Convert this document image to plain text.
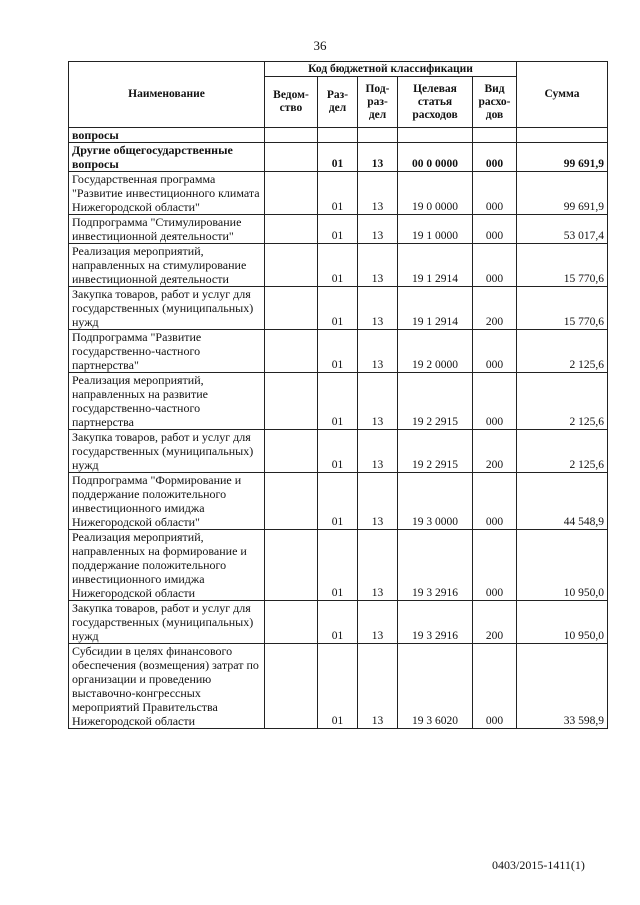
36
Наименование	Код бюджетной классификации					Сумма
	Ведом-ство	Раз-дел	Под-раз-дел	Целевая статья расходов	Вид расхо-дов	
вопросы						
Другие общегосударственные вопросы		01	13	00 0 0000	000	99 691,9
Государственная программа "Развитие инвестиционного климата Нижегородской области"		01	13	19 0 0000	000	99 691,9
Подпрограмма "Стимулирование инвестиционной деятельности"		01	13	19 1 0000	000	53 017,4
Реализация мероприятий, направленных на стимулирование инвестиционной деятельности		01	13	19 1 2914	000	15 770,6
Закупка товаров, работ и услуг для государственных (муниципальных) нужд		01	13	19 1 2914	200	15 770,6
Подпрограмма "Развитие государственно-частного партнерства"		01	13	19 2 0000	000	2 125,6
Реализация мероприятий, направленных на развитие государственно-частного партнерства		01	13	19 2 2915	000	2 125,6
Закупка товаров, работ и услуг для государственных (муниципальных) нужд		01	13	19 2 2915	200	2 125,6
Подпрограмма "Формирование и поддержание положительного инвестиционного имиджа Нижегородской области"		01	13	19 3 0000	000	44 548,9
Реализация мероприятий, направленных на формирование и поддержание положительного инвестиционного имиджа Нижегородской области		01	13	19 3 2916	000	10 950,0
Закупка товаров, работ и услуг для государственных (муниципальных) нужд		01	13	19 3 2916	200	10 950,0
Субсидии в целях финансового обеспечения (возмещения) затрат по организации и проведению выставочно-конгрессных мероприятий Правительства Нижегородской области		01	13	19 3 6020	000	33 598,9
0403/2015-1411(1)
